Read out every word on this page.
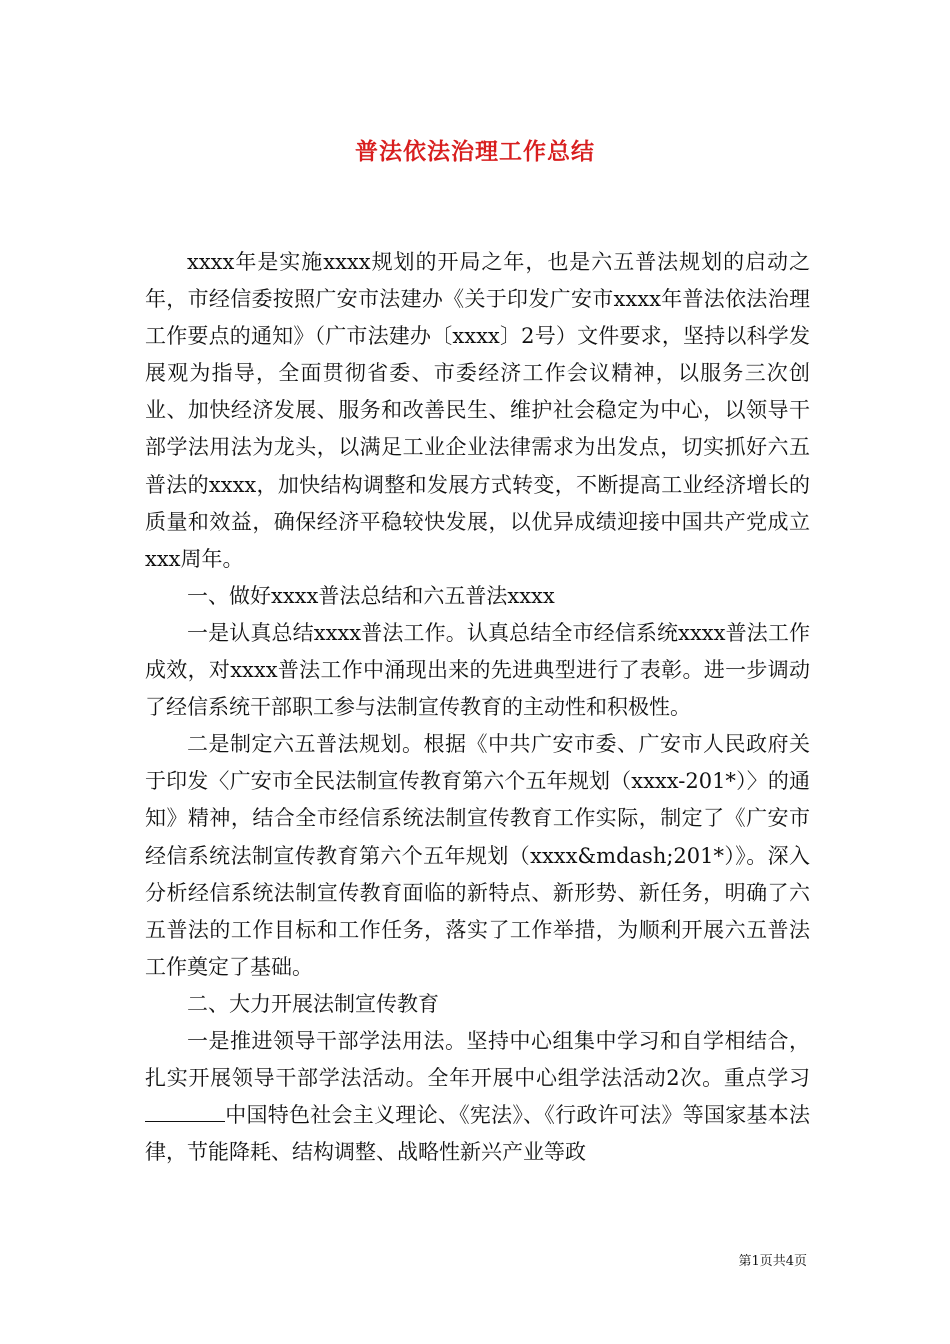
普法依法治理工作总结

xxxx年是实施xxxx规划的开局之年，也是六五普法规划的启动之年，市经信委按照广安市法建办《关于印发广安市xxxx年普法依法治理工作要点的通知》（广市法建办〔xxxx〕2号）文件要求，坚持以科学发展观为指导，全面贯彻省委、市委经济工作会议精神，以服务三次创业、加快经济发展、服务和改善民生、维护社会稳定为中心，以领导干部学法用法为龙头，以满足工业企业法律需求为出发点，切实抓好六五普法的xxxx，加快结构调整和发展方式转变，不断提高工业经济增长的质量和效益，确保经济平稳较快发展，以优异成绩迎接中国共产党成立xxx周年。

一、做好xxxx普法总结和六五普法xxxx

一是认真总结xxxx普法工作。认真总结全市经信系统xxxx普法工作成效，对xxxx普法工作中涌现出来的先进典型进行了表彰。进一步调动了经信系统干部职工参与法制宣传教育的主动性和积极性。

二是制定六五普法规划。根据《中共广安市委、广安市人民政府关于印发〈广安市全民法制宣传教育第六个五年规划（xxxx-201*）〉的通知》精神，结合全市经信系统法制宣传教育工作实际，制定了《广安市经信系统法制宣传教育第六个五年规划（xxxx&mdash;201*）》。深入分析经信系统法制宣传教育面临的新特点、新形势、新任务，明确了六五普法的工作目标和工作任务，落实了工作举措，为顺利开展六五普法工作奠定了基础。

二、大力开展法制宣传教育

一是推进领导干部学法用法。坚持中心组集中学习和自学相结合，扎实开展领导干部学法活动。全年开展中心组学法活动2次。重点学习中国特色社会主义理论、《宪法》、《行政许可法》等国家基本法律，节能降耗、结构调整、战略性新兴产业等政

第1页共4页
